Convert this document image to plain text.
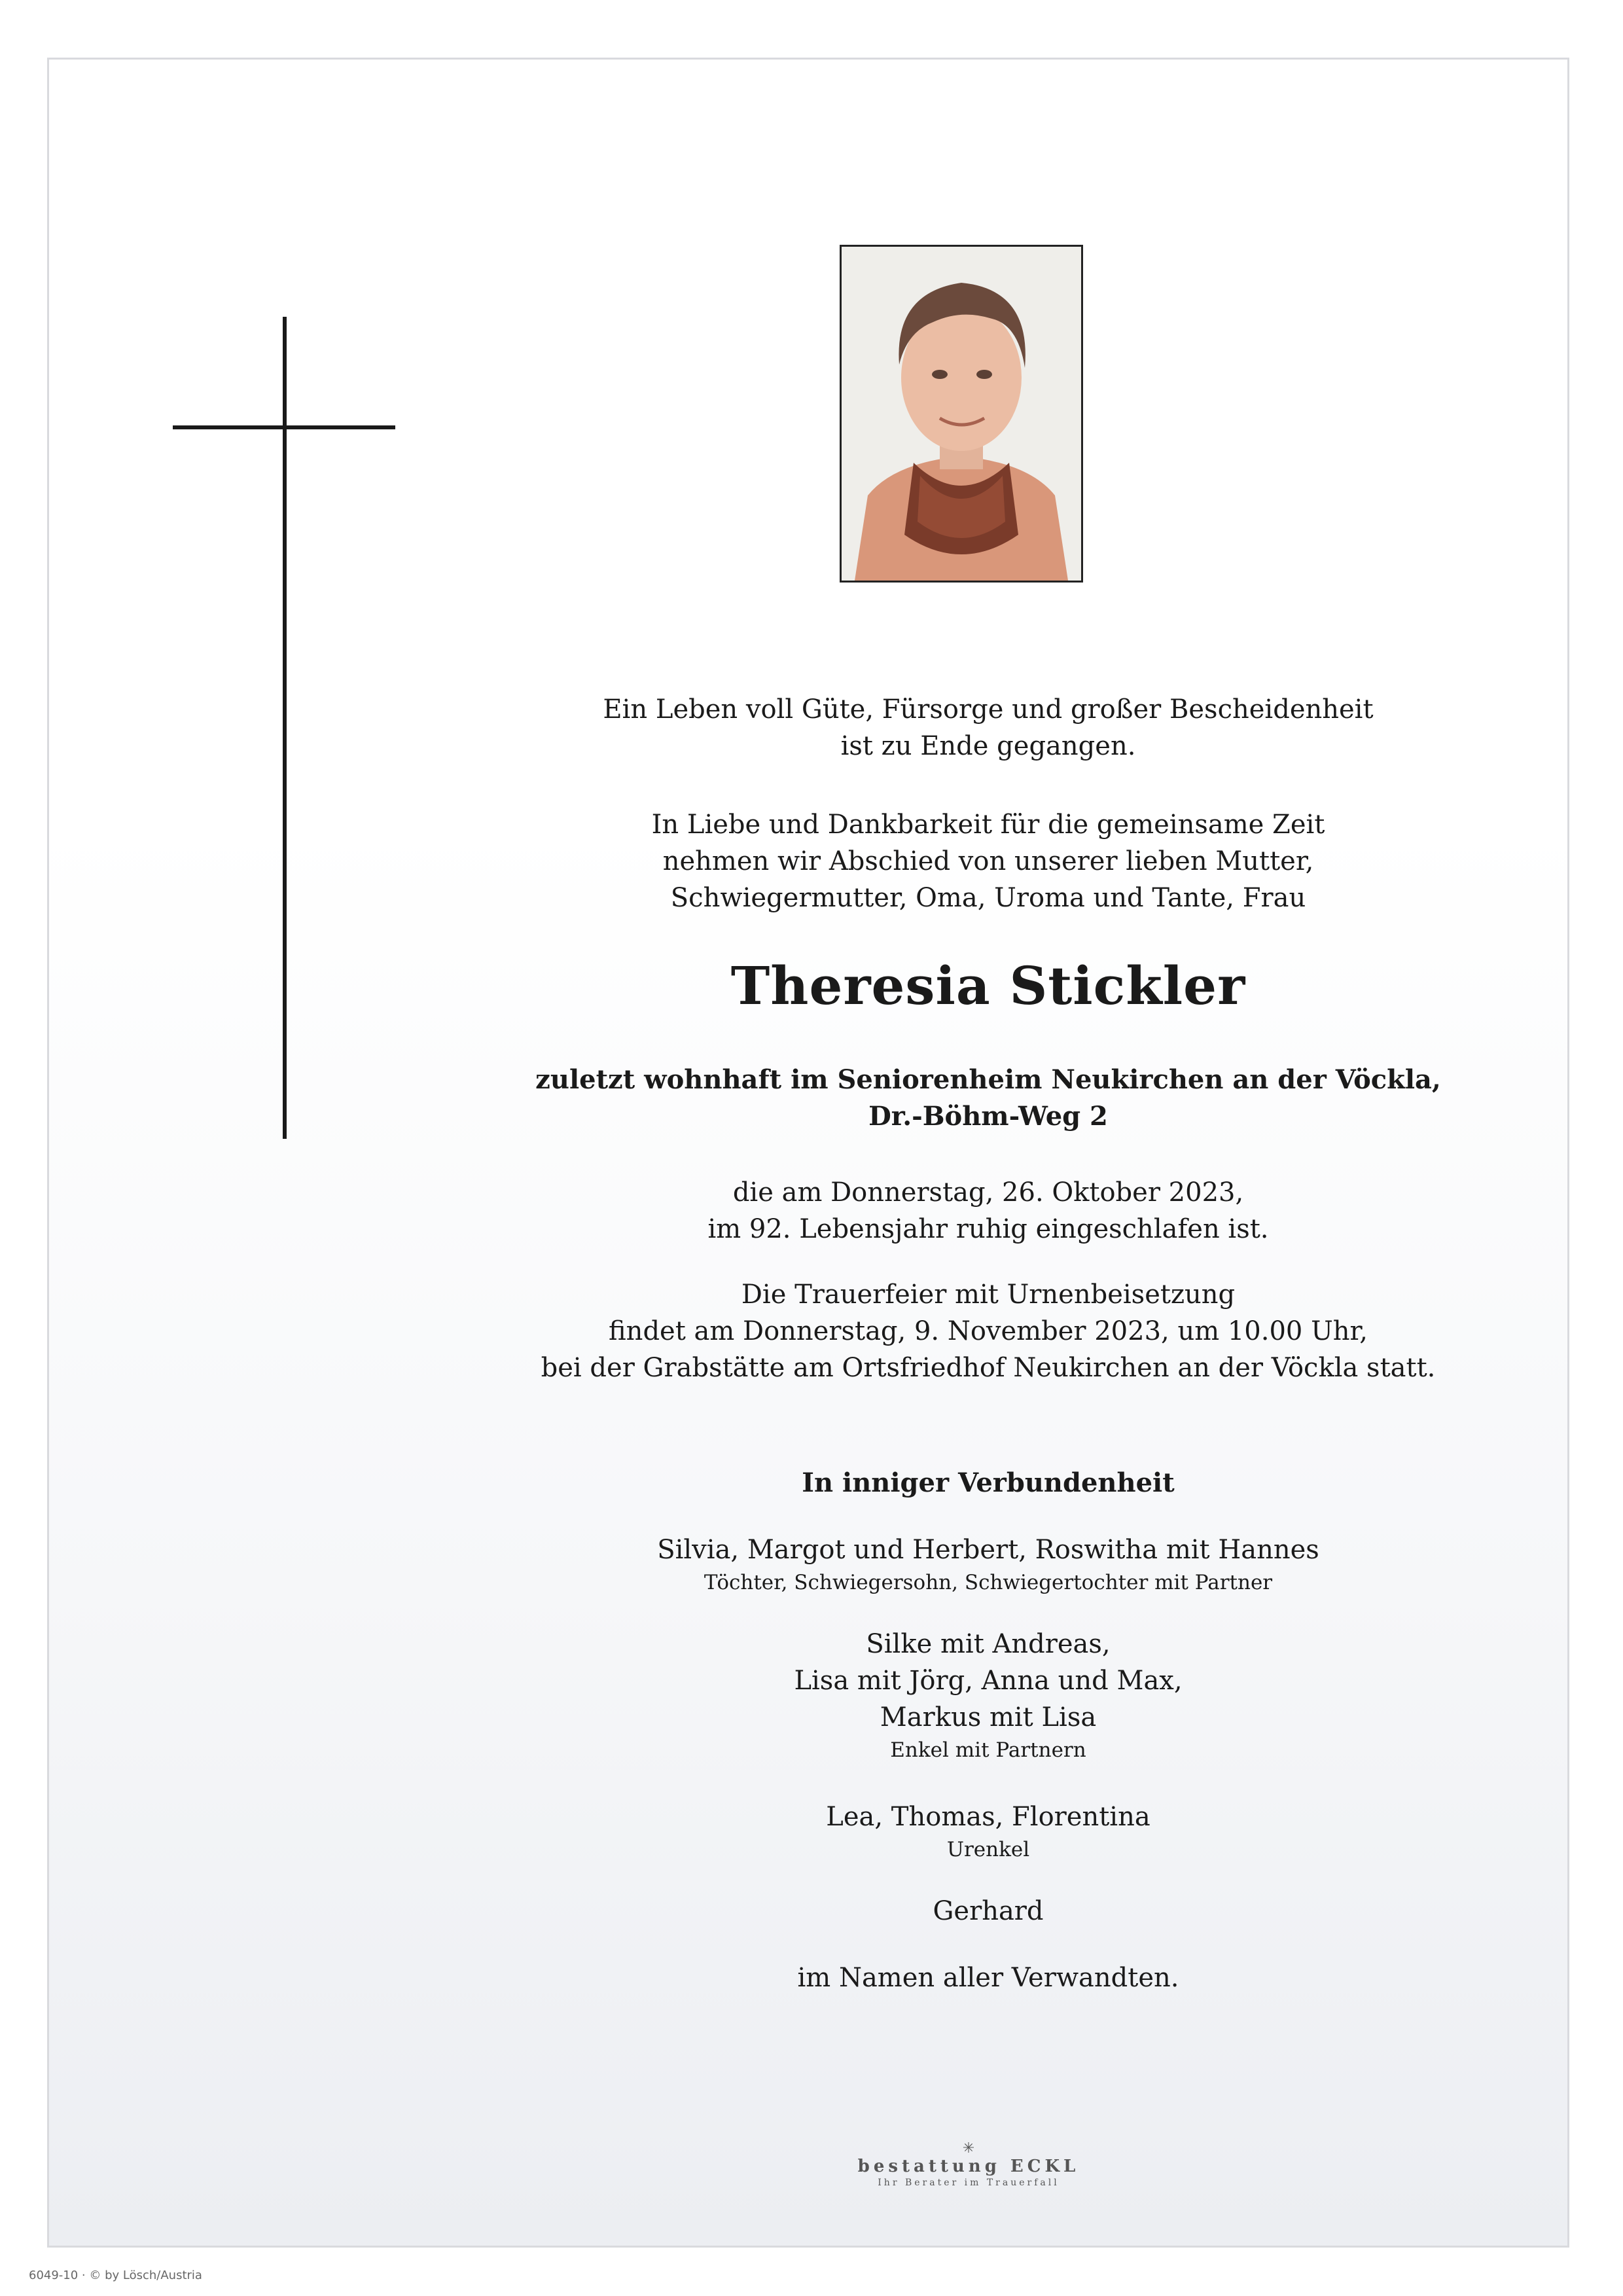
Ein Leben voll Güte, Fürsorge und großer Bescheidenheit

ist zu Ende gegangen.

In Liebe und Dankbarkeit für die gemeinsame Zeit

nehmen wir Abschied von unserer lieben Mutter,

Schwiegermutter, Oma, Uroma und Tante, Frau

Theresia Stickler

zuletzt wohnhaft im Seniorenheim Neukirchen an der Vöckla,

Dr.-Böhm-Weg 2

die am Donnerstag, 26. Oktober 2023,

im 92. Lebensjahr ruhig eingeschlafen ist.

Die Trauerfeier mit Urnenbeisetzung

findet am Donnerstag, 9. November 2023, um 10.00 Uhr,

bei der Grabstätte am Ortsfriedhof Neukirchen an der Vöckla statt.

In inniger Verbundenheit

Silvia, Margot und Herbert, Roswitha mit Hannes

Töchter, Schwiegersohn, Schwiegertochter mit Partner

Silke mit Andreas,

Lisa mit Jörg, Anna und Max,

Markus mit Lisa

Enkel mit Partnern

Lea, Thomas, Florentina

Urenkel

Gerhard

im Namen aller Verwandten.

✳
bestattung ECKL
Ihr Berater im Trauerfall
6049-10 · © by Lösch/Austria
